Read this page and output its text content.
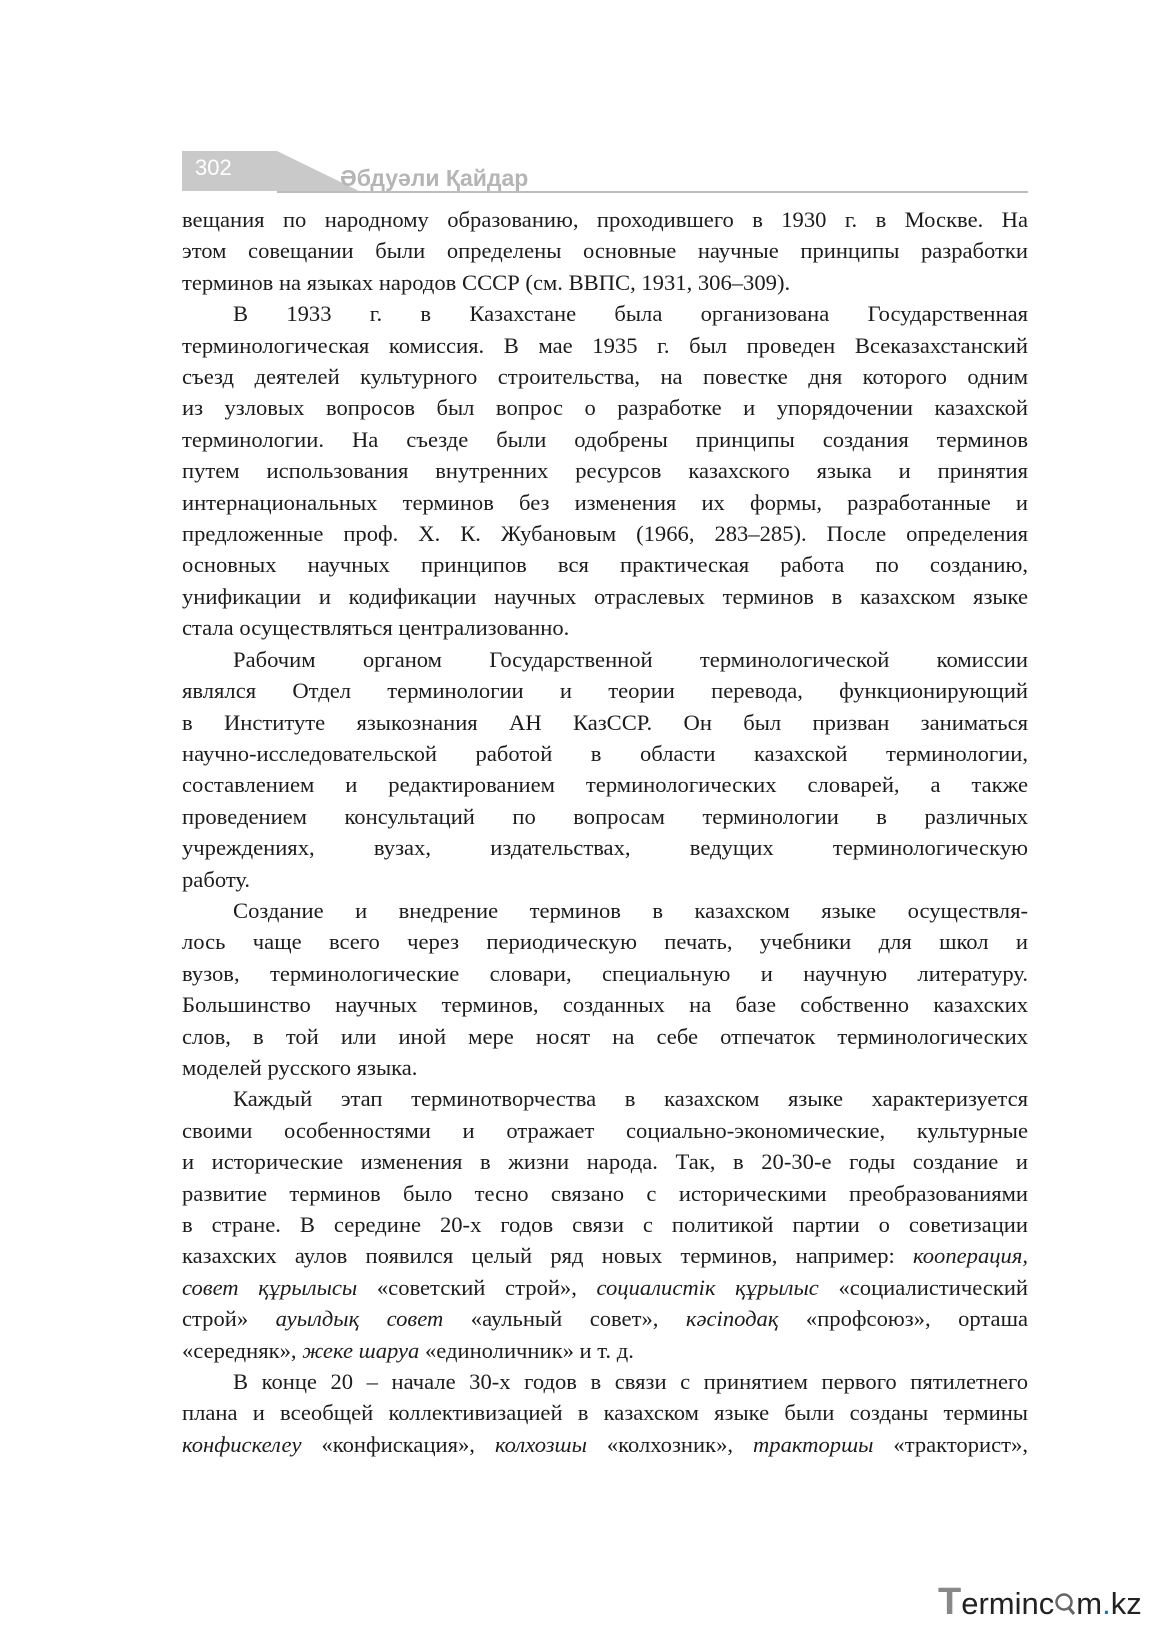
302	Әбдуәли Қайдар

вещания по народному образованию, проходившего в 1930 г. в Москве. На
этом совещании были определены основные научные принципы разработки
терминов на языках народов СССР (см. ВВПС, 1931, 306–309).

В 1933 г. в Казахстане была организована Государственная
терминологическая комиссия. В мае 1935 г. был проведен Всеказахстанский
съезд деятелей культурного строительства, на повестке дня которого одним
из узловых вопросов был вопрос о разработке и упорядочении казахской
терминологии. На съезде были одобрены принципы создания терминов
путем использования внутренних ресурсов казахского языка и принятия
интернациональных терминов без изменения их формы, разработанные и
предложенные проф. Х. К. Жубановым (1966, 283–285). После определения
основных научных принципов вся практическая работа по созданию,
унификации и кодификации научных отраслевых терминов в казахском языке
стала осуществляться централизованно.

Рабочим органом Государственной терминологической комиссии
являлся Отдел терминологии и теории перевода, функционирующий
в Институте языкознания АН КазССР. Он был призван заниматься
научно-исследовательской работой в области казахской терминологии,
составлением и редактированием терминологических словарей, а также
проведением консультаций по вопросам терминологии в различных
учреждениях, вузах, издательствах, ведущих терминологическую
работу.

Создание и внедрение терминов в казахском языке осуществля-
лось чаще всего через периодическую печать, учебники для школ и
вузов, терминологические словари, специальную и научную литературу.
Большинство научных терминов, созданных на базе собственно казахских
слов, в той или иной мере носят на себе отпечаток терминологических
моделей русского языка.

Каждый этап терминотворчества в казахском языке характеризуется
своими особенностями и отражает социально-экономические, культурные
и исторические изменения в жизни народа. Так, в 20-30-е годы создание и
развитие терминов было тесно связано с историческими преобразованиями
в стране. В середине 20-х годов связи с политикой партии о советизации
казахских аулов появился целый ряд новых терминов, например: кооперация,
совет құрылысы «советский строй», социалистік құрылыс «социалистический
строй» ауылдық совет «аульный совет», кәсіподақ «профсоюз», орташа
«середняк», жеке шаруа «единоличник» и т. д.

В конце 20 – начале 30-х годов в связи с принятием первого пятилетнего
плана и всеобщей коллективизацией в казахском языке были созданы термины
конфискелеу «конфискация», колхозшы «колхозник», тракторшы «тракторист»,

Terminc m.kz
